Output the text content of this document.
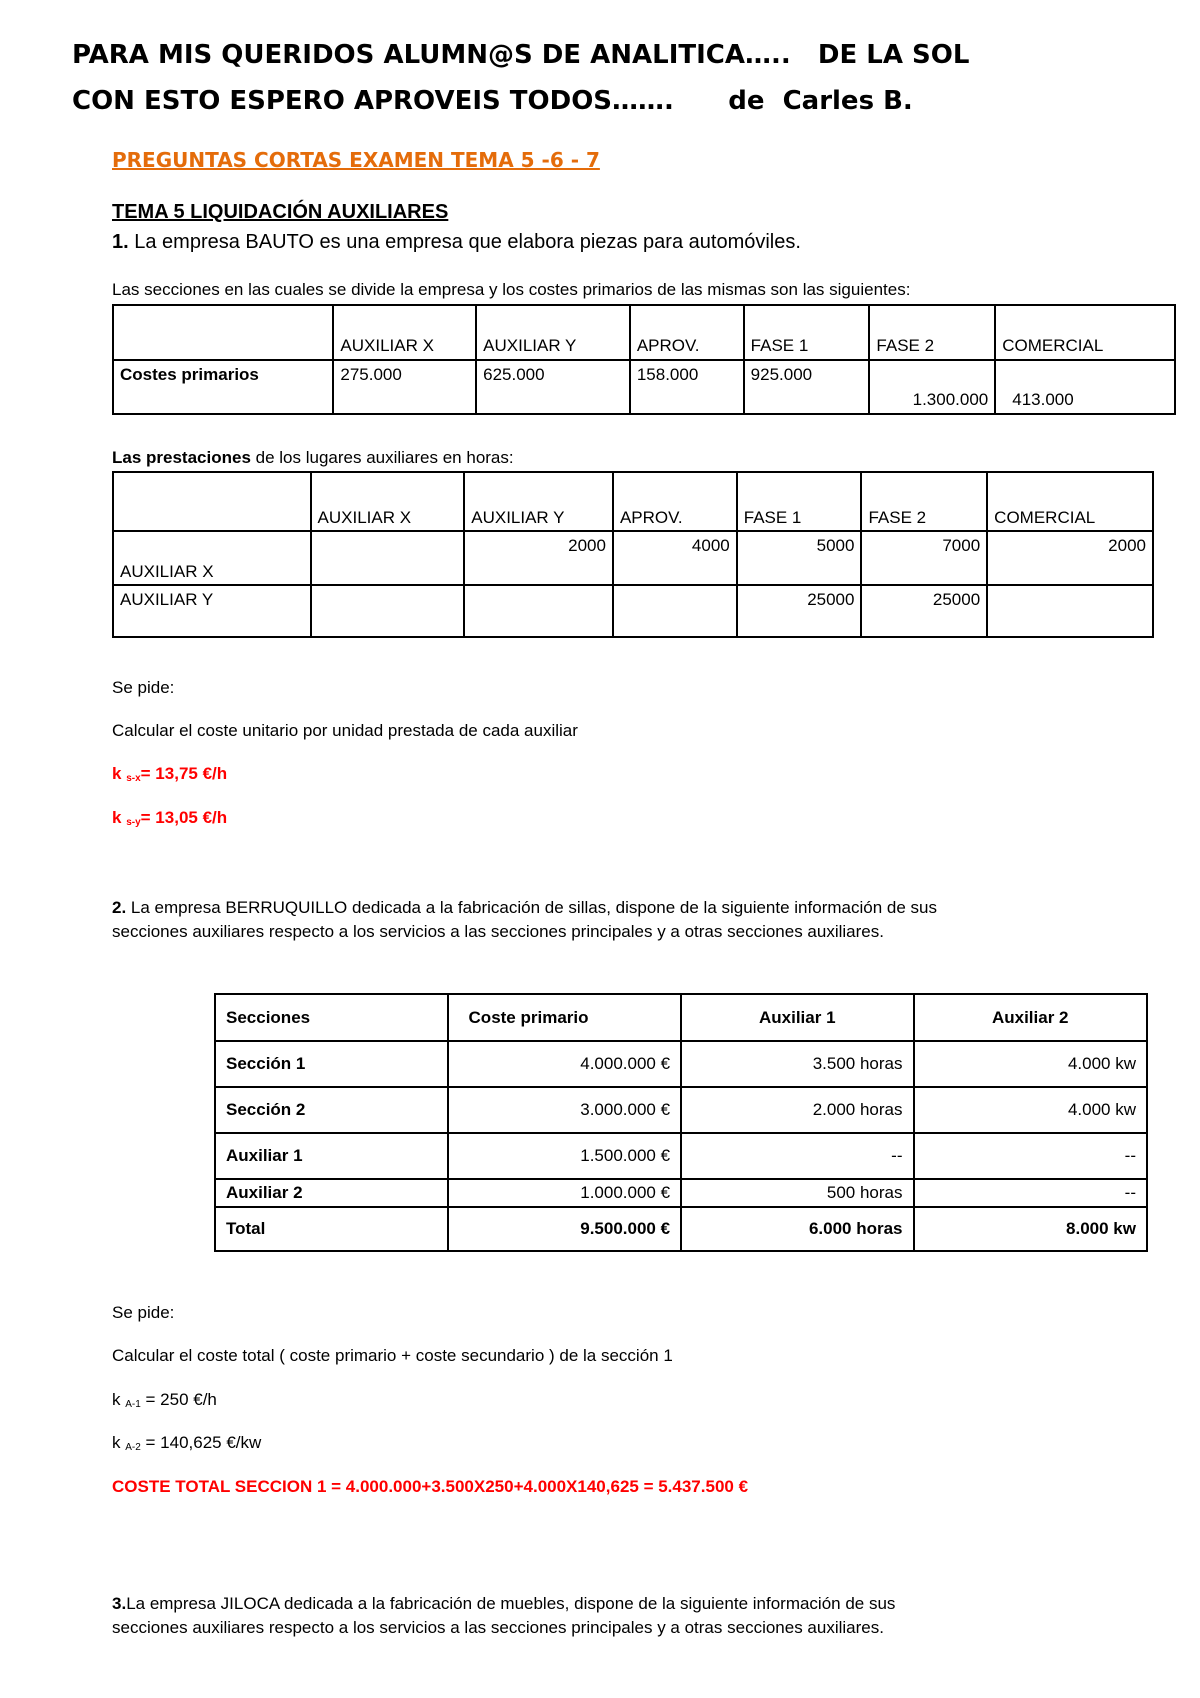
PARA MIS QUERIDOS ALUMN@S DE ANALITICA…..   DE LA SOL
CON ESTO ESPERO APROVEIS TODOS…….      de  Carles B.
PREGUNTAS CORTAS EXAMEN TEMA 5 -6 - 7
TEMA 5 LIQUIDACIÓN AUXILIARES
1. La empresa BAUTO es una empresa que elabora piezas para automóviles.
Las secciones en las cuales se divide la empresa y los costes primarios de las mismas son las siguientes:
	AUXILIAR X	AUXILIAR Y	APROV.	FASE 1	FASE 2	COMERCIAL
Costes primarios	275.000	625.000	158.000	925.000	1.300.000	413.000
Las prestaciones de los lugares auxiliares en horas:
	AUXILIAR X	AUXILIAR Y	APROV.	FASE 1	FASE 2	COMERCIAL
AUXILIAR X		2000	4000	5000	7000	2000
AUXILIAR Y				25000	25000	
Se pide:
Calcular el coste unitario por unidad prestada de cada auxiliar
k $_{s-x}$= 13,75 €/h
k $_{s-y}$= 13,05 €/h
2. La empresa BERRUQUILLO dedicada a la fabricación de sillas, dispone de la siguiente información de sus
secciones auxiliares respecto a los servicios a las secciones principales y a otras secciones auxiliares.
Secciones	Coste primario	Auxiliar 1	Auxiliar 2
Sección 1	4.000.000 €	3.500 horas	4.000 kw
Sección 2	3.000.000 €	2.000 horas	4.000 kw
Auxiliar 1	1.500.000 €	--	--
Auxiliar 2	1.000.000 €	500 horas	--
Total	9.500.000 €	6.000 horas	8.000 kw
Se pide:
Calcular el coste total ( coste primario + coste secundario ) de la sección 1
k $_{A-1}$ = 250 €/h
k $_{A-2}$ = 140,625 €/kw
COSTE TOTAL SECCION 1 = 4.000.000+3.500X250+4.000X140,625 = 5.437.500 €
3.La empresa JILOCA dedicada a la fabricación de muebles, dispone de la siguiente información de sus
secciones auxiliares respecto a los servicios a las secciones principales y a otras secciones auxiliares.
